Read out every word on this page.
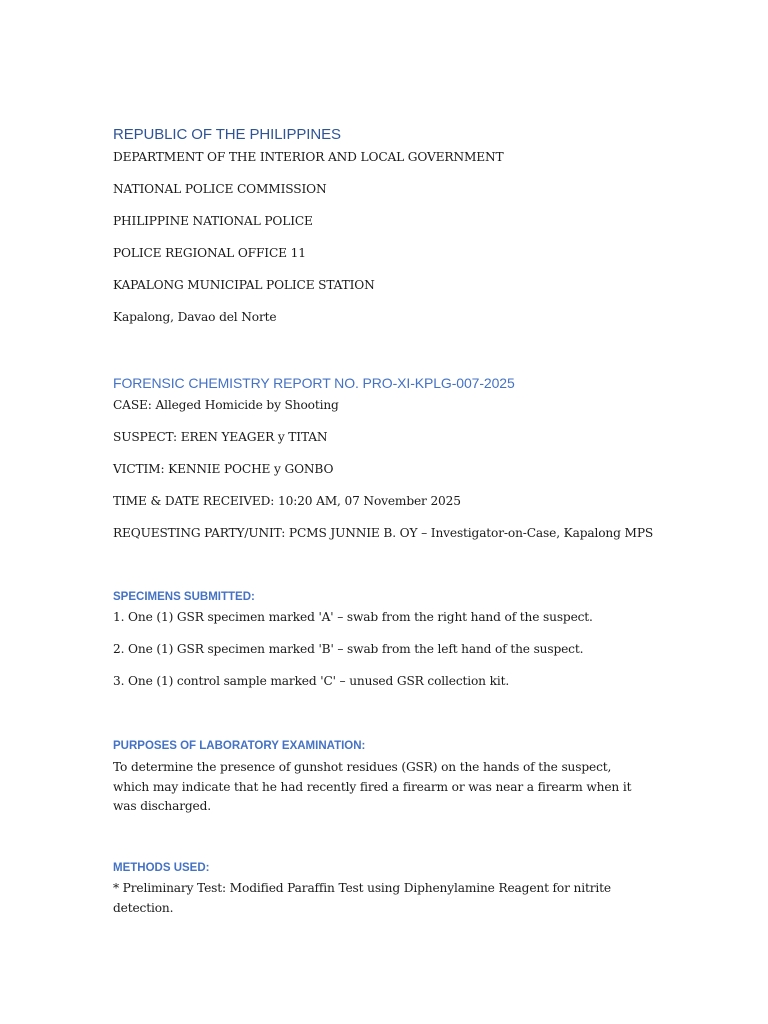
REPUBLIC OF THE PHILIPPINES
DEPARTMENT OF THE INTERIOR AND LOCAL GOVERNMENT
NATIONAL POLICE COMMISSION
PHILIPPINE NATIONAL POLICE
POLICE REGIONAL OFFICE 11
KAPALONG MUNICIPAL POLICE STATION
Kapalong, Davao del Norte
FORENSIC CHEMISTRY REPORT NO. PRO-XI-KPLG-007-2025
CASE: Alleged Homicide by Shooting
SUSPECT: EREN YEAGER y TITAN
VICTIM: KENNIE POCHE y GONBO
TIME & DATE RECEIVED: 10:20 AM, 07 November 2025
REQUESTING PARTY/UNIT: PCMS JUNNIE B. OY – Investigator-on-Case, Kapalong MPS
SPECIMENS SUBMITTED:
1. One (1) GSR specimen marked 'A' – swab from the right hand of the suspect.
2. One (1) GSR specimen marked 'B' – swab from the left hand of the suspect.
3. One (1) control sample marked 'C' – unused GSR collection kit.
PURPOSES OF LABORATORY EXAMINATION:
To determine the presence of gunshot residues (GSR) on the hands of the suspect, which may indicate that he had recently fired a firearm or was near a firearm when it was discharged.
METHODS USED:
* Preliminary Test: Modified Paraffin Test using Diphenylamine Reagent for nitrite detection.
